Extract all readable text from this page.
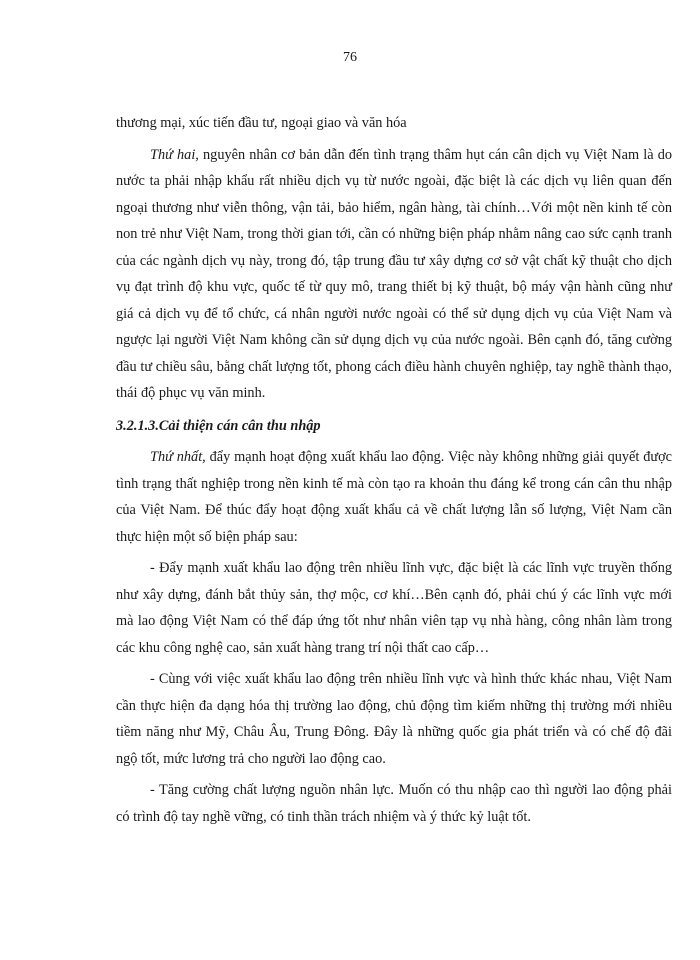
76

thương mại, xúc tiến đầu tư, ngoại giao và văn hóa

Thứ hai, nguyên nhân cơ bản dẫn đến tình trạng thâm hụt cán cân dịch vụ Việt Nam là do nước ta phải nhập khẩu rất nhiều dịch vụ từ nước ngoài, đặc biệt là các dịch vụ liên quan đến ngoại thương như viễn thông, vận tải, bảo hiểm, ngân hàng, tài chính…Với một nền kinh tế còn non trẻ như Việt Nam, trong thời gian tới, cần có những biện pháp nhằm nâng cao sức cạnh tranh của các ngành dịch vụ này, trong đó, tập trung đầu tư xây dựng cơ sở vật chất kỹ thuật cho dịch vụ đạt trình độ khu vực, quốc tế từ quy mô, trang thiết bị kỹ thuật, bộ máy vận hành cũng như giá cả dịch vụ để tổ chức, cá nhân người nước ngoài có thể sử dụng dịch vụ của Việt Nam và ngược lại người Việt Nam không cần sử dụng dịch vụ của nước ngoài. Bên cạnh đó, tăng cường đầu tư chiều sâu, bằng chất lượng tốt, phong cách điều hành chuyên nghiệp, tay nghề thành thạo, thái độ phục vụ văn minh.

3.2.1.3.Cải thiện cán cân thu nhập

Thứ nhất, đẩy mạnh hoạt động xuất khẩu lao động. Việc này không những giải quyết được tình trạng thất nghiệp trong nền kinh tế mà còn tạo ra khoản thu đáng kể trong cán cân thu nhập của Việt Nam. Để thúc đẩy hoạt động xuất khẩu cả về chất lượng lẫn số lượng, Việt Nam cần thực hiện một số biện pháp sau:

- Đẩy mạnh xuất khẩu lao động trên nhiều lĩnh vực, đặc biệt là các lĩnh vực truyền thống như xây dựng, đánh bắt thủy sản, thợ mộc, cơ khí…Bên cạnh đó, phải chú ý các lĩnh vực mới mà lao động Việt Nam có thể đáp ứng tốt như nhân viên tạp vụ nhà hàng, công nhân làm trong các khu công nghệ cao, sản xuất hàng trang trí nội thất cao cấp…

- Cùng với việc xuất khẩu lao động trên nhiều lĩnh vực và hình thức khác nhau, Việt Nam cần thực hiện đa dạng hóa thị trường lao động, chủ động tìm kiếm những thị trường mới nhiều tiềm năng như Mỹ, Châu Âu, Trung Đông. Đây là những quốc gia phát triển và có chế độ đãi ngộ tốt, mức lương trả cho người lao động cao.

- Tăng cường chất lượng nguồn nhân lực. Muốn có thu nhập cao thì người lao động phải có trình độ tay nghề vững, có tinh thần trách nhiệm và ý thức kỷ luật tốt.
